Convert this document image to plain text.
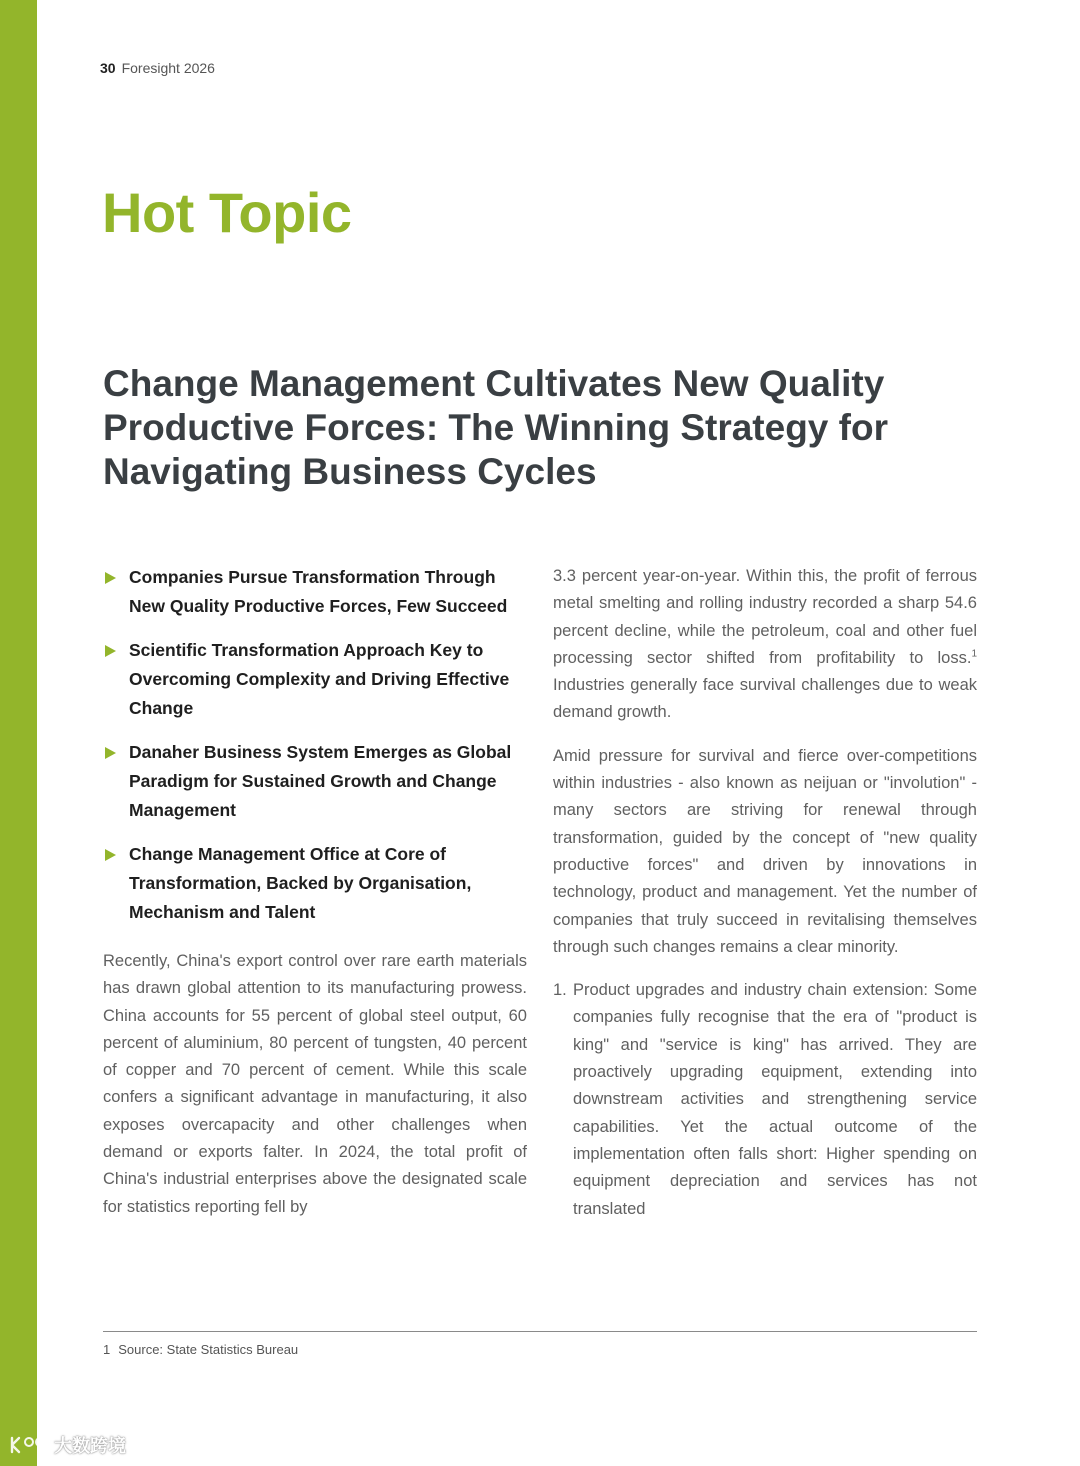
30 Foresight 2026
Hot Topic
Change Management Cultivates New Quality Productive Forces: The Winning Strategy for Navigating Business Cycles
Companies Pursue Transformation Through New Quality Productive Forces, Few Succeed
Scientific Transformation Approach Key to Overcoming Complexity and Driving Effective Change
Danaher Business System Emerges as Global Paradigm for Sustained Growth and Change Management
Change Management Office at Core of Transformation, Backed by Organisation, Mechanism and Talent

Recently, China's export control over rare earth materials has drawn global attention to its manufacturing prowess. China accounts for 55 percent of global steel output, 60 percent of aluminium, 80 percent of tungsten, 40 percent of copper and 70 percent of cement. While this scale confers a significant advantage in manufacturing, it also exposes overcapacity and other challenges when demand or exports falter. In 2024, the total profit of China's industrial enterprises above the designated scale for statistics reporting fell by

3.3 percent year-on-year. Within this, the profit of ferrous metal smelting and rolling industry recorded a sharp 54.6 percent decline, while the petroleum, coal and other fuel processing sector shifted from profitability to loss.$^1$ Industries generally face survival challenges due to weak demand growth.

Amid pressure for survival and fierce over-competitions within industries - also known as neijuan or "involution" - many sectors are striving for renewal through transformation, guided by the concept of "new quality productive forces" and driven by innovations in technology, product and management. Yet the number of companies that truly succeed in revitalising themselves through such changes remains a clear minority.

1. Product upgrades and industry chain extension: Some companies fully recognise that the era of "product is king" and "service is king" has arrived. They are proactively upgrading equipment, extending into downstream activities and strengthening service capabilities. Yet the actual outcome of the implementation often falls short: Higher spending on equipment depreciation and services has not translated
1 Source: State Statistics Bureau
大数跨境
